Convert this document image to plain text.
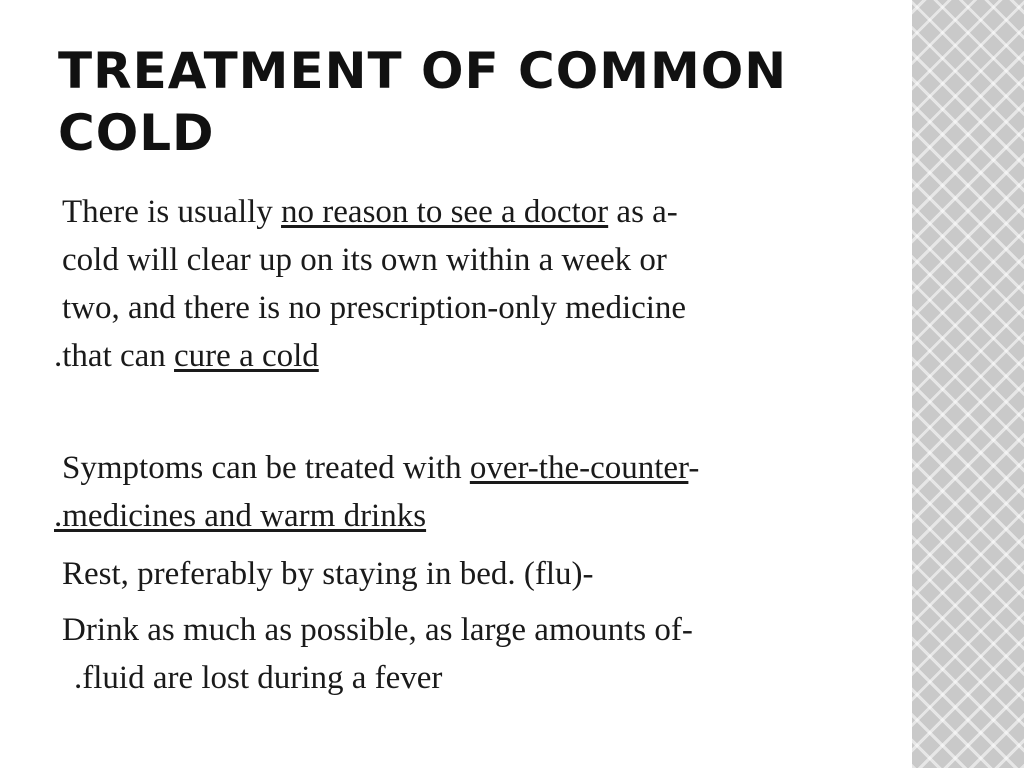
TREATMENT OF COMMON COLD
There is usually no reason to see a doctor as a-
cold will clear up on its own within a week or
two, and there is no prescription-only medicine
.that can cure a cold
Symptoms can be treated with over-the-counter-
.medicines and warm drinks
Rest, preferably by staying in bed. (flu)-
Drink as much as possible, as large amounts of-
.fluid are lost during a fever
